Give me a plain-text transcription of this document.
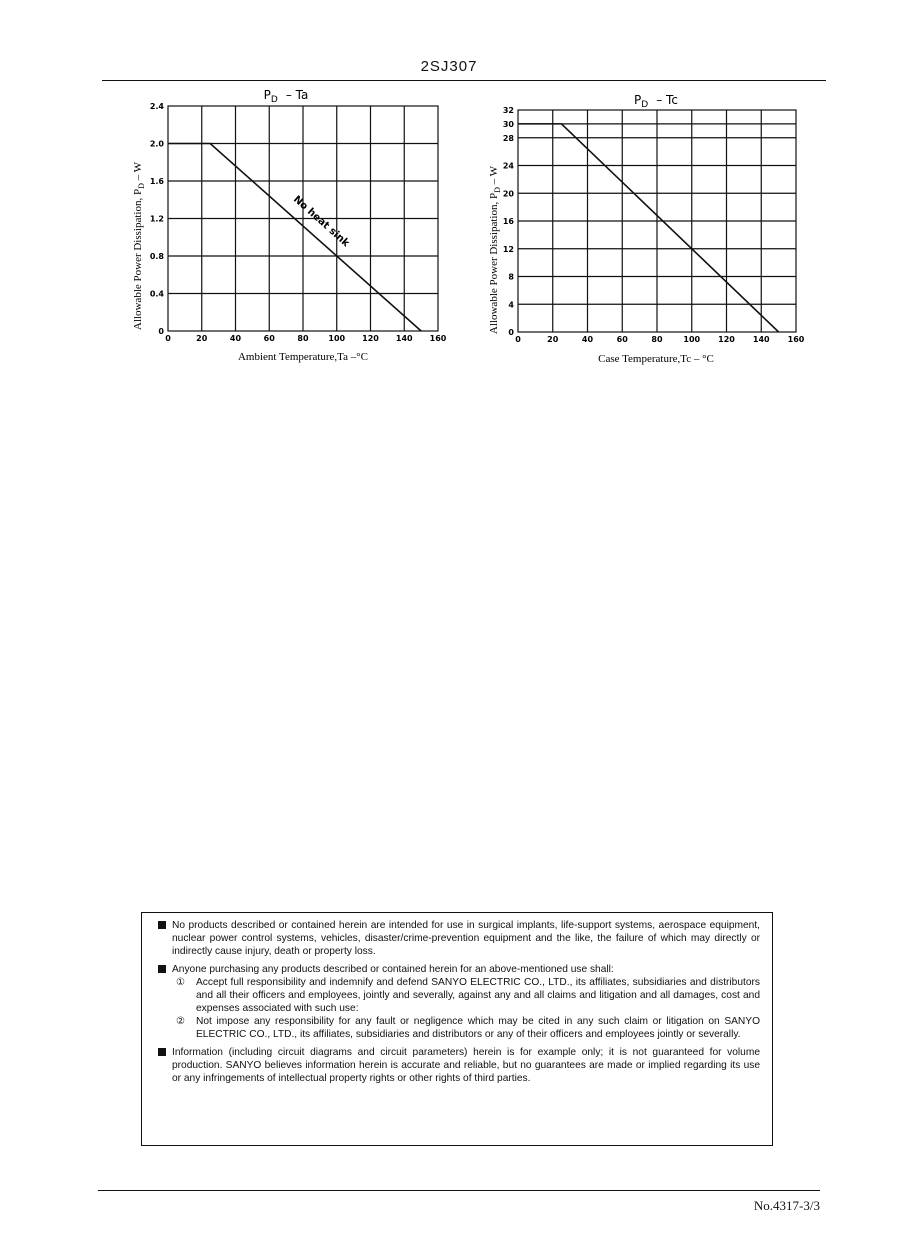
2SJ307
$P_D$ – Ta
0	20	40	60	80 100 120 140 160
0
0.4
0.8
1.2
1.6
2.0
2.4
Allowable Power Dissipation, $P_D$ – W
Ambient Temperature,Ta –°C
No heat sink
$P_D$ – Tc
0	20	40	60	80	100 120 140 160
0
4
8
12
16
20
24
28
30
32
Allowable Power Dissipation, $P_D$ – W
Case Temperature,Tc – °C
No products described or contained herein are intended for use in surgical implants, life-support systems, aerospace equipment, nuclear power control systems, vehicles, disaster/crime-prevention equipment and the like, the failure of which may directly or indirectly cause injury, death or property loss.
Anyone purchasing any products described or contained herein for an above-mentioned use shall:
① Accept full responsibility and indemnify and defend SANYO ELECTRIC CO., LTD., its affiliates, subsidiaries and distributors and all their officers and employees, jointly and severally, against any and all claims and litigation and all damages, cost and expenses associated with such use:
② Not impose any responsibility for any fault or negligence which may be cited in any such claim or litigation on SANYO ELECTRIC CO., LTD., its affiliates, subsidiaries and distributors or any of their officers and employees jointly or severally.
Information (including circuit diagrams and circuit parameters) herein is for example only; it is not guaranteed for volume production. SANYO believes information herein is accurate and reliable, but no guarantees are made or implied regarding its use or any infringements of intellectual property rights or other rights of third parties.
No.4317-3/3
